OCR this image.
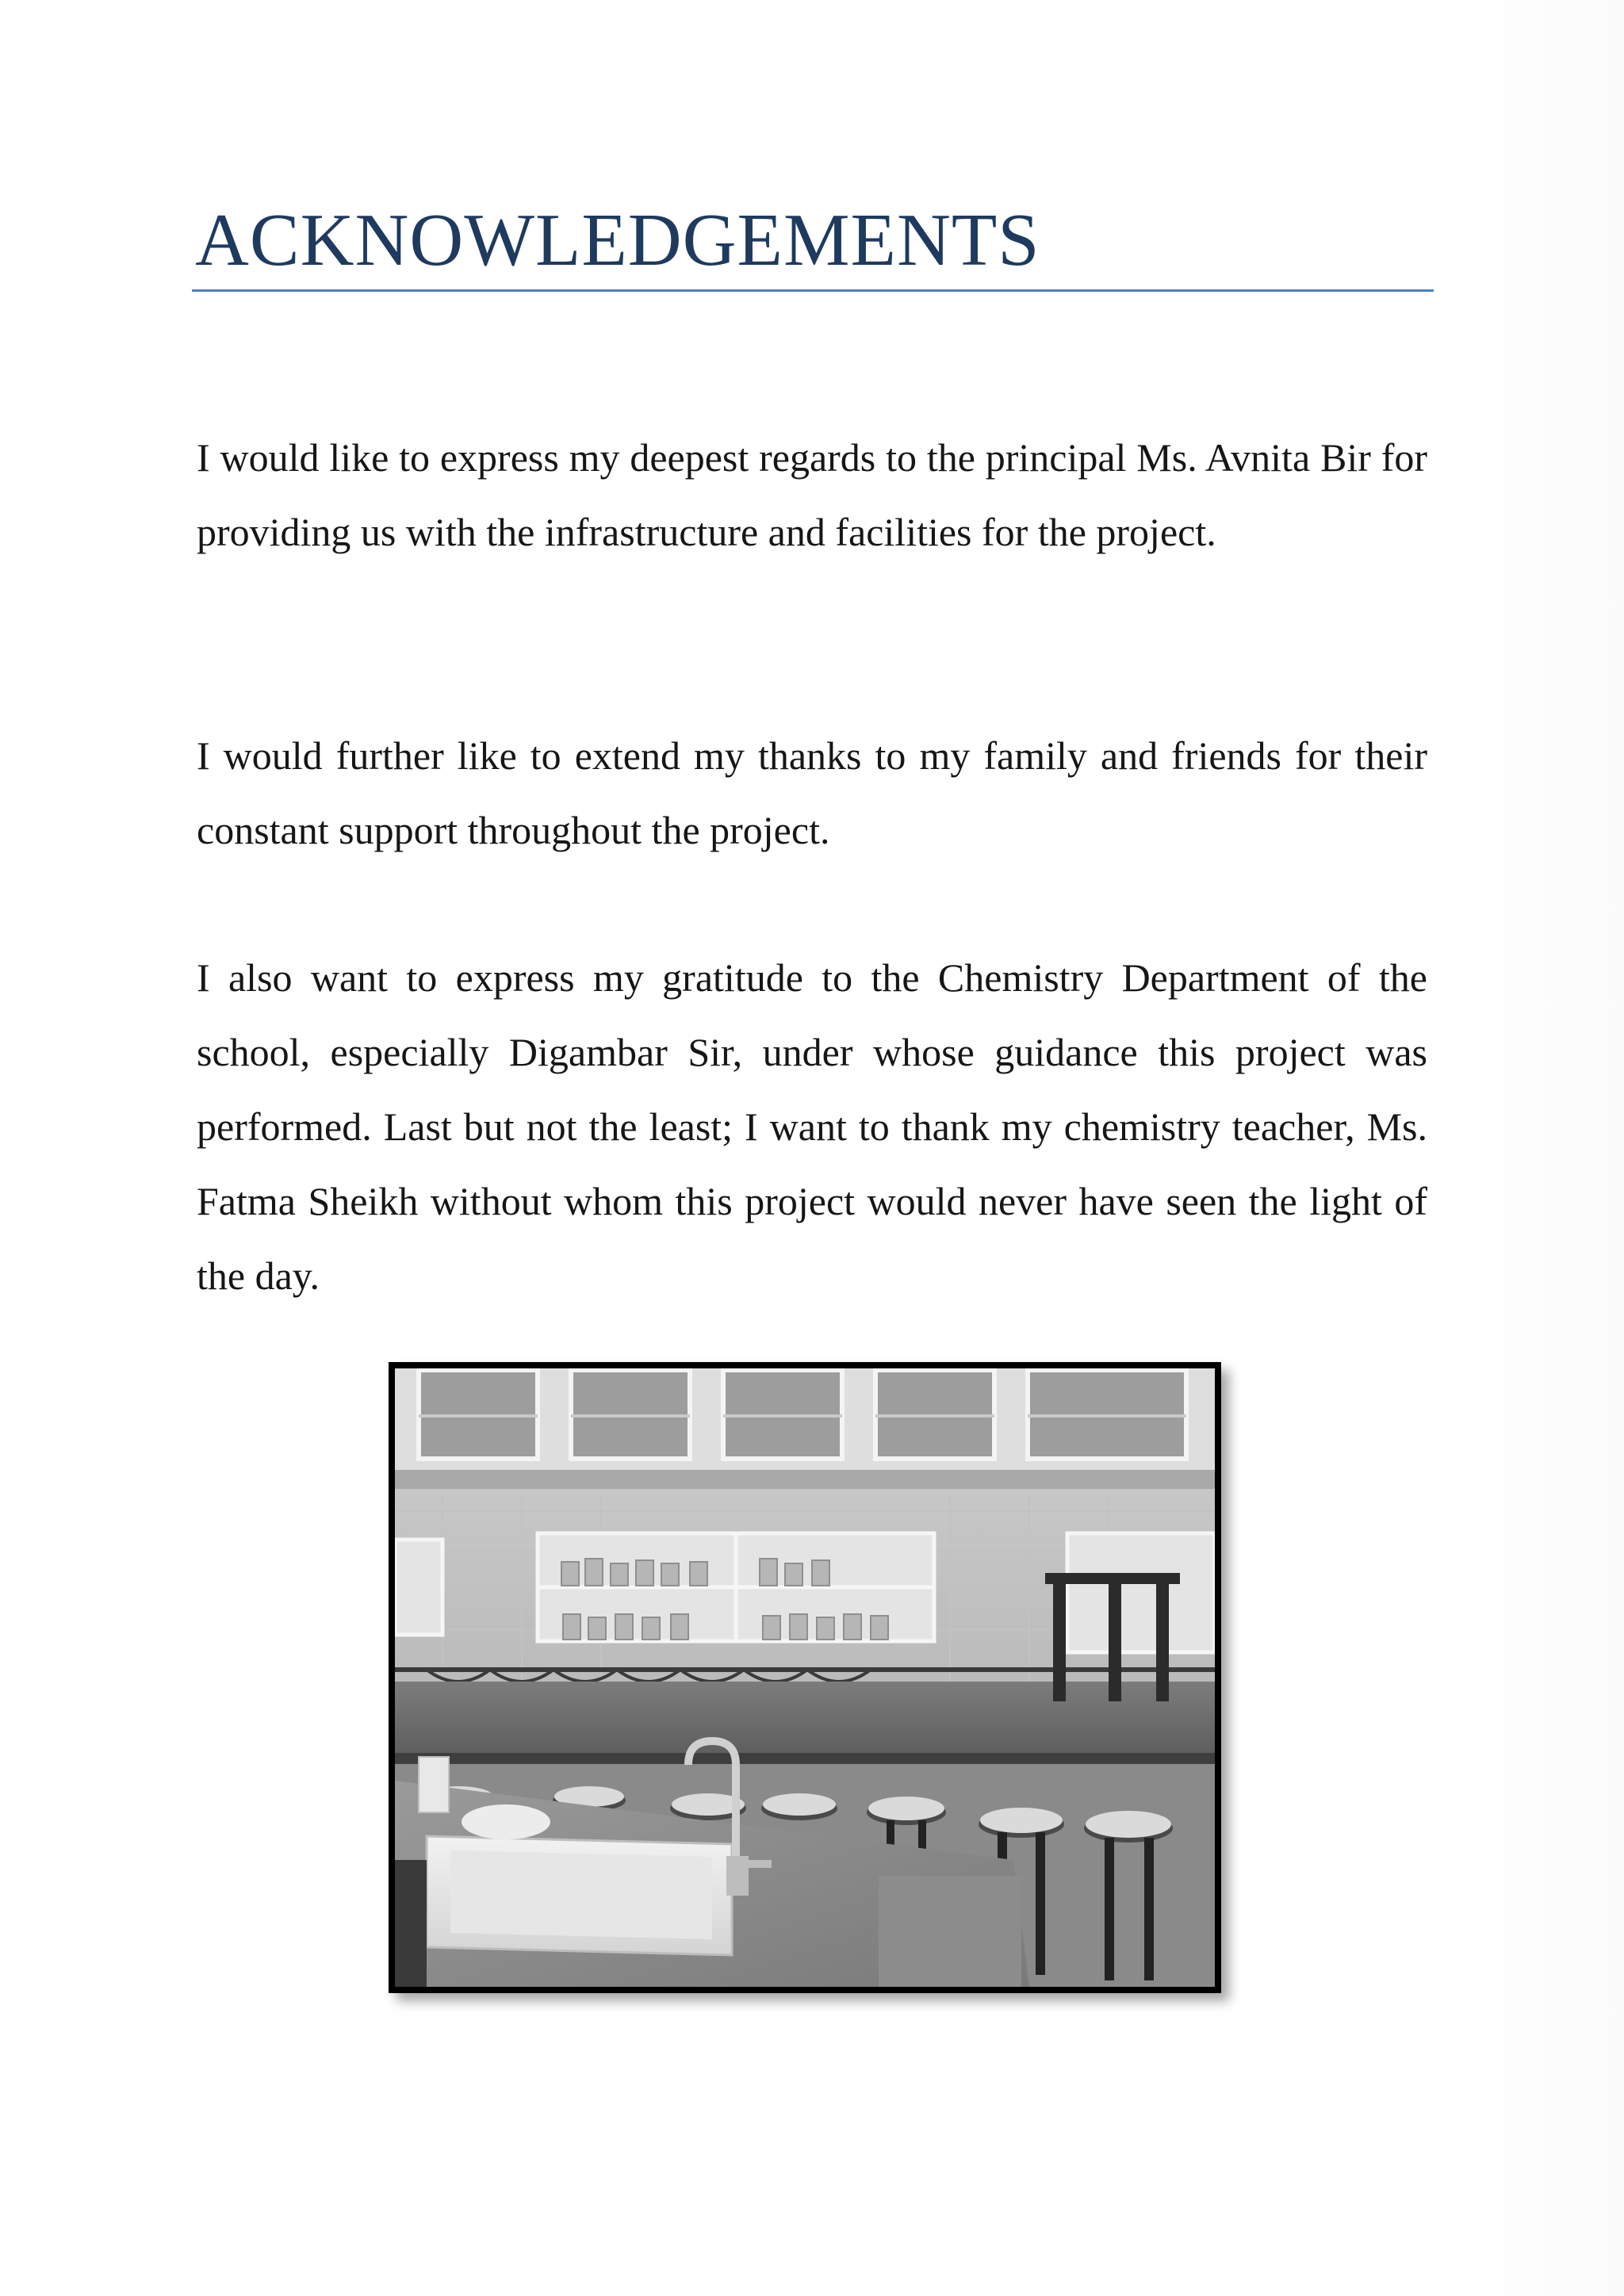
ACKNOWLEDGEMENTS

I would like to express my deepest regards to the principal Ms. Avnita Bir for providing us with the infrastructure and facilities for the project.

I would further like to extend my thanks to my family and friends for their constant support throughout the project.

I also want to express my gratitude to the Chemistry Department of the school, especially Digambar Sir, under whose guidance this project was performed. Last but not the least; I want to thank my chemistry teacher, Ms. Fatma Sheikh without whom this project would never have seen the light of the day.
